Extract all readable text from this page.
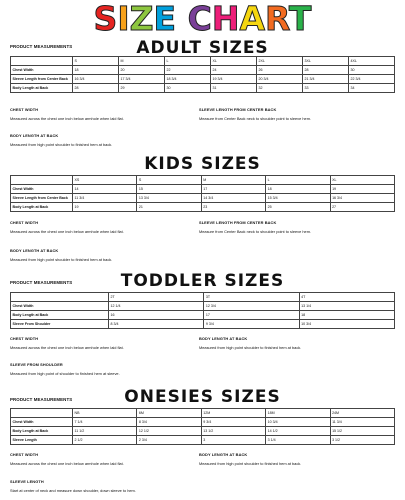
SIZE CHART
ADULT SIZES
PRODUCT MEASUREMENTS
	S	M	L	XL	2XL	3XL	4XL
Chest Width	18	20	22	24	26	28	30
Sleeve Length from Center Back	16 3/4	17 3/4	18 3/4	19 3/4	20 3/4	21 3/4	22 3/4
Body Length at Back	28	29	30	31	32	33	34
CHEST WIDTH
Measured across the chest one inch below armhole when laid flat.
SLEEVE LENGTH FROM CENTER BACK
Measure from Center Back neck to shoulder point to sleeve hem.
BODY LENGTH AT BACK
Measured from high point shoulder to finished hem at back.
KIDS SIZES
	XS	S	M	L	XL
Chest Width	14	15	17	18	19
Sleeve Length from Center Back	11 3/4	13 3/4	14 3/4	15 3/4	16 3/4
Body Length at Back	19	21	23	25	27
CHEST WIDTH
Measured across the chest one inch below armhole when laid flat.
SLEEVE LENGTH FROM CENTER BACK
Measure from Center Back neck to shoulder point to sleeve hem.
BODY LENGTH AT BACK
Measured from high point shoulder to finished hem at back.
TODDLER SIZES
PRODUCT MEASUREMENTS
	2T	3T	4T
Chest Width	12 1/4	12 3/4	13 1/4
Body Length at Back	16	17	18
Sleeve From Shoulder	8 3/4	9 3/4	10 3/4
CHEST WIDTH
Measured across the chest one inch below armhole when laid flat.
BODY LENGTH AT BACK
Measured from high point shoulder to finished hem at back.
SLEEVE FROM SHOULDER
Measured from high point of shoulder to finished hem at sleeve.
ONESIES SIZES
PRODUCT MEASUREMENTS
	NB	6M	12M	18M	24M
Chest Width	7 1/4	8 3/4	9 3/4	10 3/4	11 3/4
Body Length at Back	11 1/2	12 1/2	13 1/2	14 1/2	15 1/2
Sleeve Length	2 1/2	2 3/4	3	3 1/4	3 1/2
CHEST WIDTH
Measured across the chest one inch below armhole when laid flat.
BODY LENGTH AT BACK
Measured from high point shoulder to finished hem at back.
SLEEVE LENGTH
Start at center of neck and measure down shoulder, down sleeve to hem.
